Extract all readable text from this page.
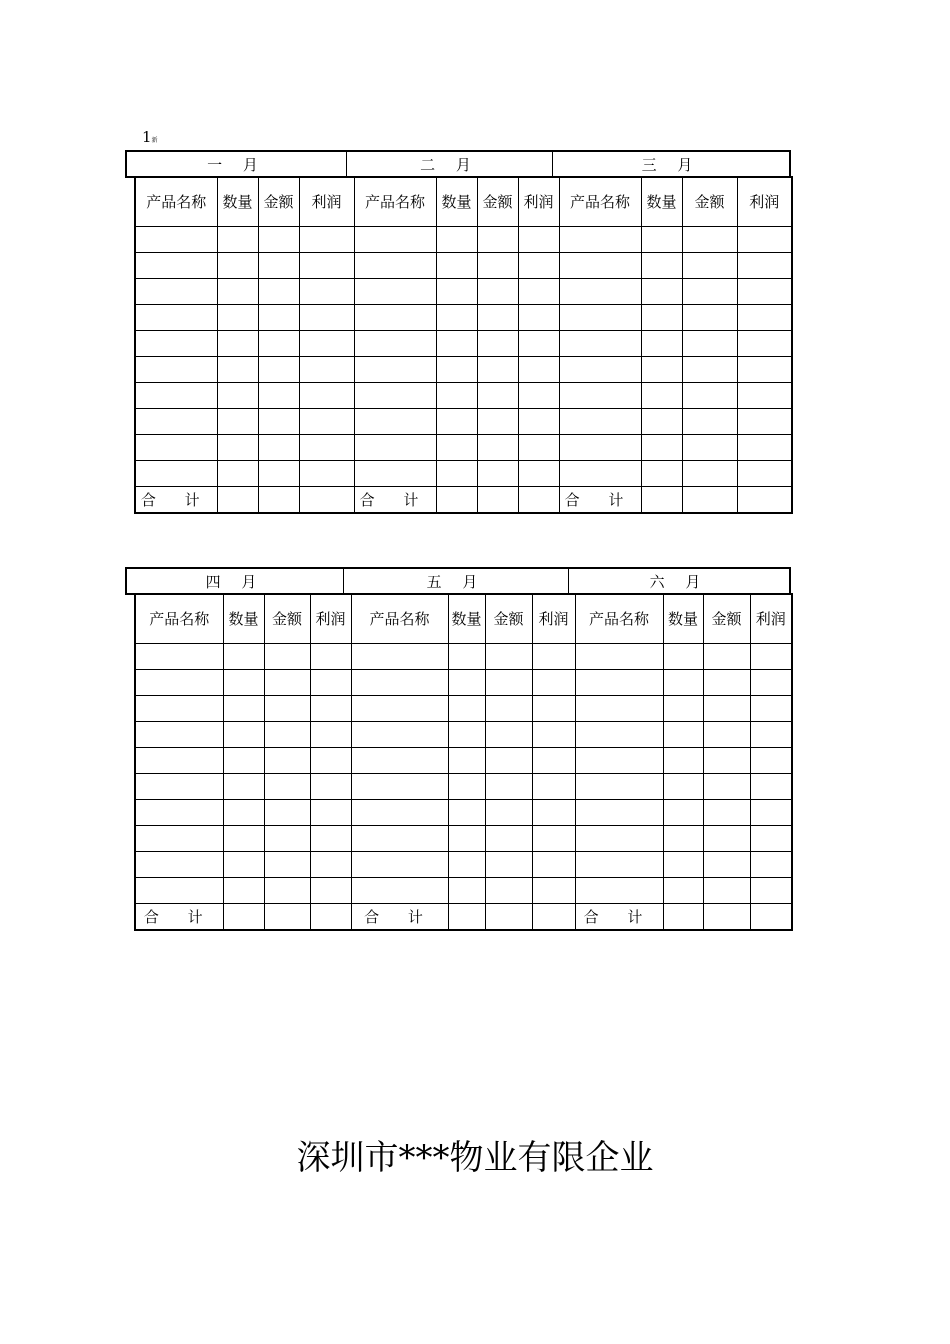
1新
一 月	二 月	三 月
产品名称	数量	金额	利润	产品名称	数量	金额	利润	产品名称	数量	金额	利润

合 计				合 计				合 计			
四 月	五 月	六 月
产品名称	数量	金额	利润	产品名称	数量	金额	利润	产品名称	数量	金额	利润

合 计				合 计				合 计			
深圳市***物业有限企业
